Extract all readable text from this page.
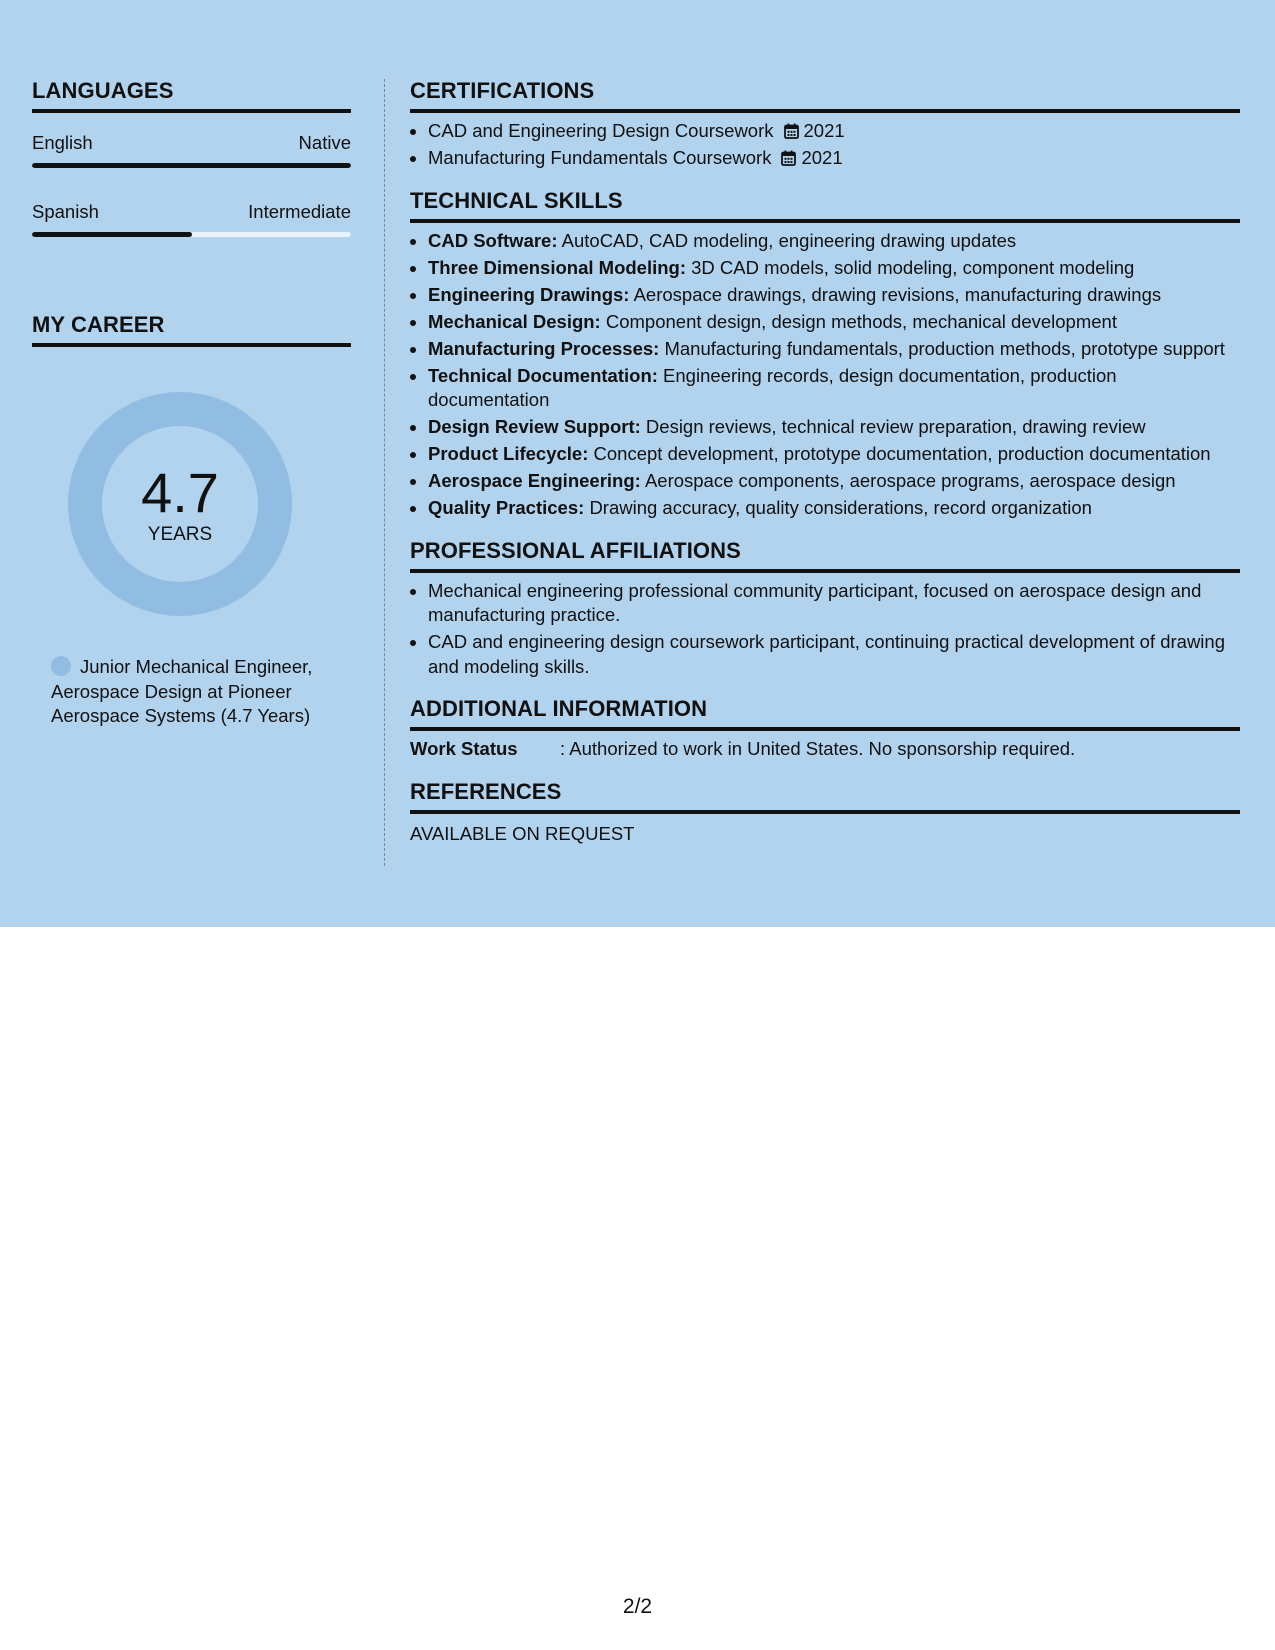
LANGUAGES
English	Native
Spanish	Intermediate
MY CAREER
4.7
YEARS
Junior Mechanical Engineer, Aerospace Design at Pioneer Aerospace Systems (4.7 Years)
CERTIFICATIONS
• CAD and Engineering Design Coursework 2021
• Manufacturing Fundamentals Coursework 2021
TECHNICAL SKILLS
• CAD Software: AutoCAD, CAD modeling, engineering drawing updates
• Three Dimensional Modeling: 3D CAD models, solid modeling, component modeling
• Engineering Drawings: Aerospace drawings, drawing revisions, manufacturing drawings
• Mechanical Design: Component design, design methods, mechanical development
• Manufacturing Processes: Manufacturing fundamentals, production methods, prototype support
• Technical Documentation: Engineering records, design documentation, production documentation
• Design Review Support: Design reviews, technical review preparation, drawing review
• Product Lifecycle: Concept development, prototype documentation, production documentation
• Aerospace Engineering: Aerospace components, aerospace programs, aerospace design
• Quality Practices: Drawing accuracy, quality considerations, record organization
PROFESSIONAL AFFILIATIONS
• Mechanical engineering professional community participant, focused on aerospace design and manufacturing practice.
• CAD and engineering design coursework participant, continuing practical development of drawing and modeling skills.
ADDITIONAL INFORMATION
Work Status	: Authorized to work in United States. No sponsorship required.
REFERENCES
AVAILABLE ON REQUEST
2/2
